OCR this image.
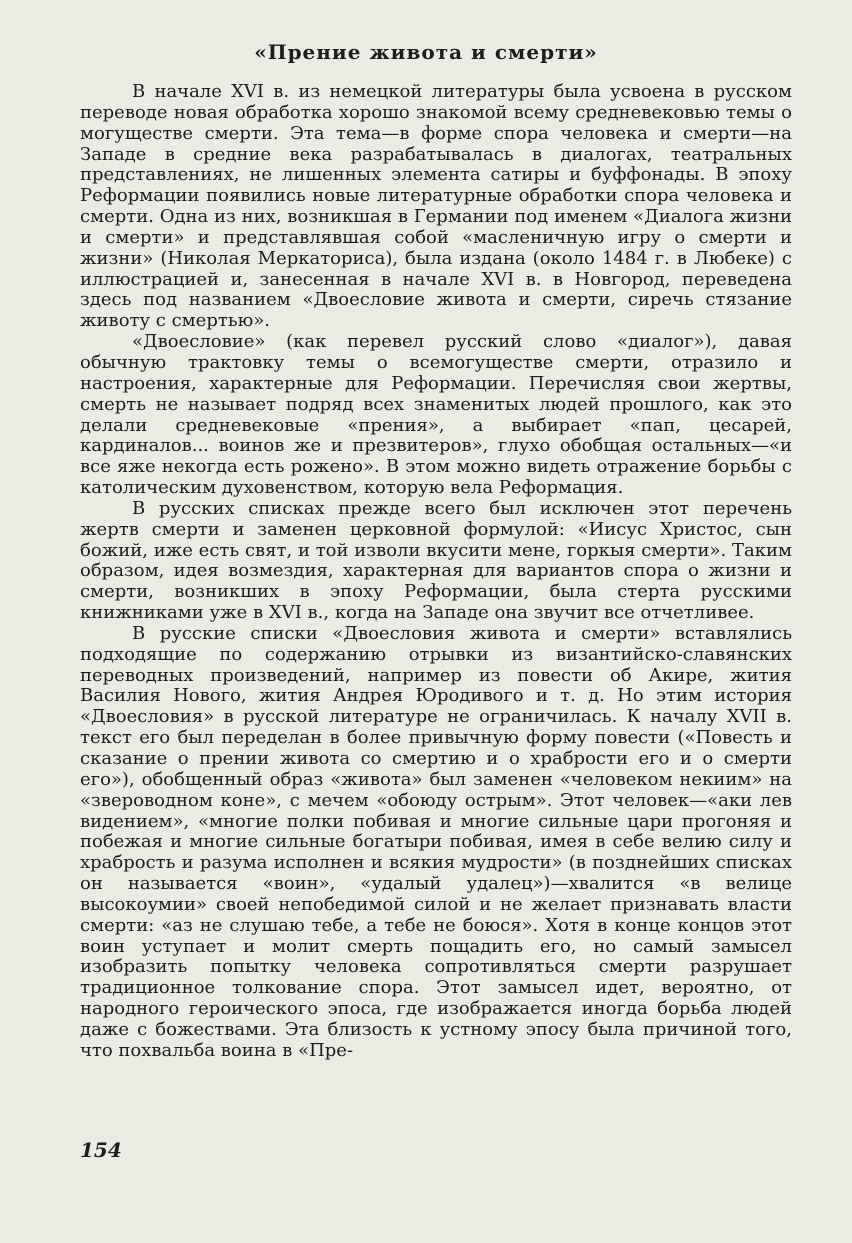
«Прение живота и смерти»

В начале XVI в. из немецкой литературы была усвоена в русском переводе новая обработка хорошо знакомой всему средневековью темы о могуществе смерти. Эта тема—в форме спора человека и смерти—на Западе в средние века разрабатывалась в диалогах, театральных представлениях, не лишенных элемента сатиры и буффонады. В эпоху Реформации появились новые литературные обработки спора человека и смерти. Одна из них, возникшая в Германии под именем «Диалога жизни и смерти» и представлявшая собой «масленичную игру о смерти и жизни» (Николая Меркаториса), была издана (около 1484 г. в Любеке) с иллюстрацией и, занесенная в начале XVI в. в Новгород, переведена здесь под названием «Двоесловие живота и смерти, сиречь стязание животу с смертью».

«Двоесловие» (как перевел русский слово «диалог»), давая обычную трактовку темы о всемогуществе смерти, отразило и настроения, характерные для Реформации. Перечисляя свои жертвы, смерть не называет подряд всех знаменитых людей прошлого, как это делали средневековые «прения», а выбирает «пап, цесарей, кардиналов... воинов же и презвитеров», глухо обобщая остальных—«и все яже некогда есть рожено». В этом можно видеть отражение борьбы с католическим духовенством, которую вела Реформация.

В русских списках прежде всего был исключен этот перечень жертв смерти и заменен церковной формулой: «Иисус Христос, сын божий, иже есть свят, и той изволи вкусити мене, горкыя смерти». Таким образом, идея возмездия, характерная для вариантов спора о жизни и смерти, возникших в эпоху Реформации, была стерта русскими книжниками уже в XVI в., когда на Западе она звучит все отчетливее.

В русские списки «Двоесловия живота и смерти» вставлялись подходящие по содержанию отрывки из византийско-славянских переводных произведений, например из повести об Акире, жития Василия Нового, жития Андрея Юродивого и т. д. Но этим история «Двоесловия» в русской литературе не ограничилась. К началу XVII в. текст его был переделан в более привычную форму повести («Повесть и сказание о прении живота со смертию и о храбрости его и о смерти его»), обобщенный образ «живота» был заменен «человеком некиим» на «звероводном коне», с мечем «обоюду острым». Этот человек—«аки лев видением», «многие полки побивая и многие сильные цари прогоняя и побежая и многие сильные богатыри побивая, имея в себе велию силу и храбрость и разума исполнен и всякия мудрости» (в позднейших списках он называется «воин», «удалый удалец»)—хвалится «в велице высокоумии» своей непобедимой силой и не желает признавать власти смерти: «аз не слушаю тебе, а тебе не боюся». Хотя в конце концов этот воин уступает и молит смерть пощадить его, но самый замысел изобразить попытку человека сопротивляться смерти разрушает традиционное толкование спора. Этот замысел идет, вероятно, от народного героического эпоса, где изображается иногда борьба людей даже с божествами. Эта близость к устному эпосу была причиной того, что похвальба воина в «Пре-

154
